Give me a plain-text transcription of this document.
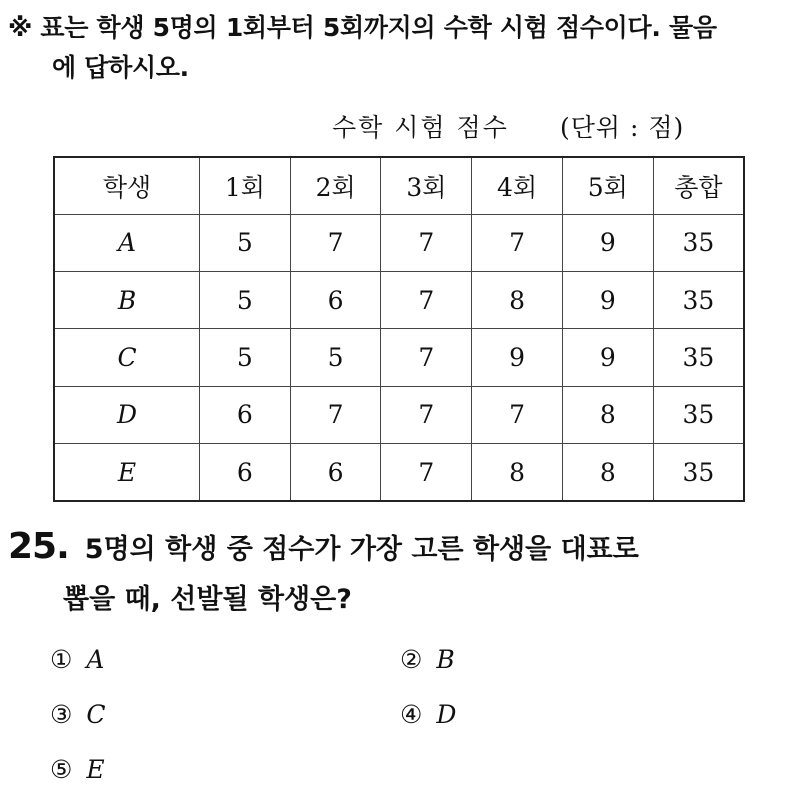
※ 표는 학생 5명의 1회부터 5회까지의 수학 시험 점수이다. 물음
에 답하시오.
수학 시험 점수 (단위 : 점)
학생	1회	2회	3회	4회	5회	총합
A	5	7	7	7	9	35
B	5	6	7	8	9	35
C	5	5	7	9	9	35
D	6	7	7	7	8	35
E	6	6	7	8	8	35
25. 5명의 학생 중 점수가 가장 고른 학생을 대표로
뽑을 때, 선발될 학생은?
① A	② B
③ C	④ D
⑤ E
